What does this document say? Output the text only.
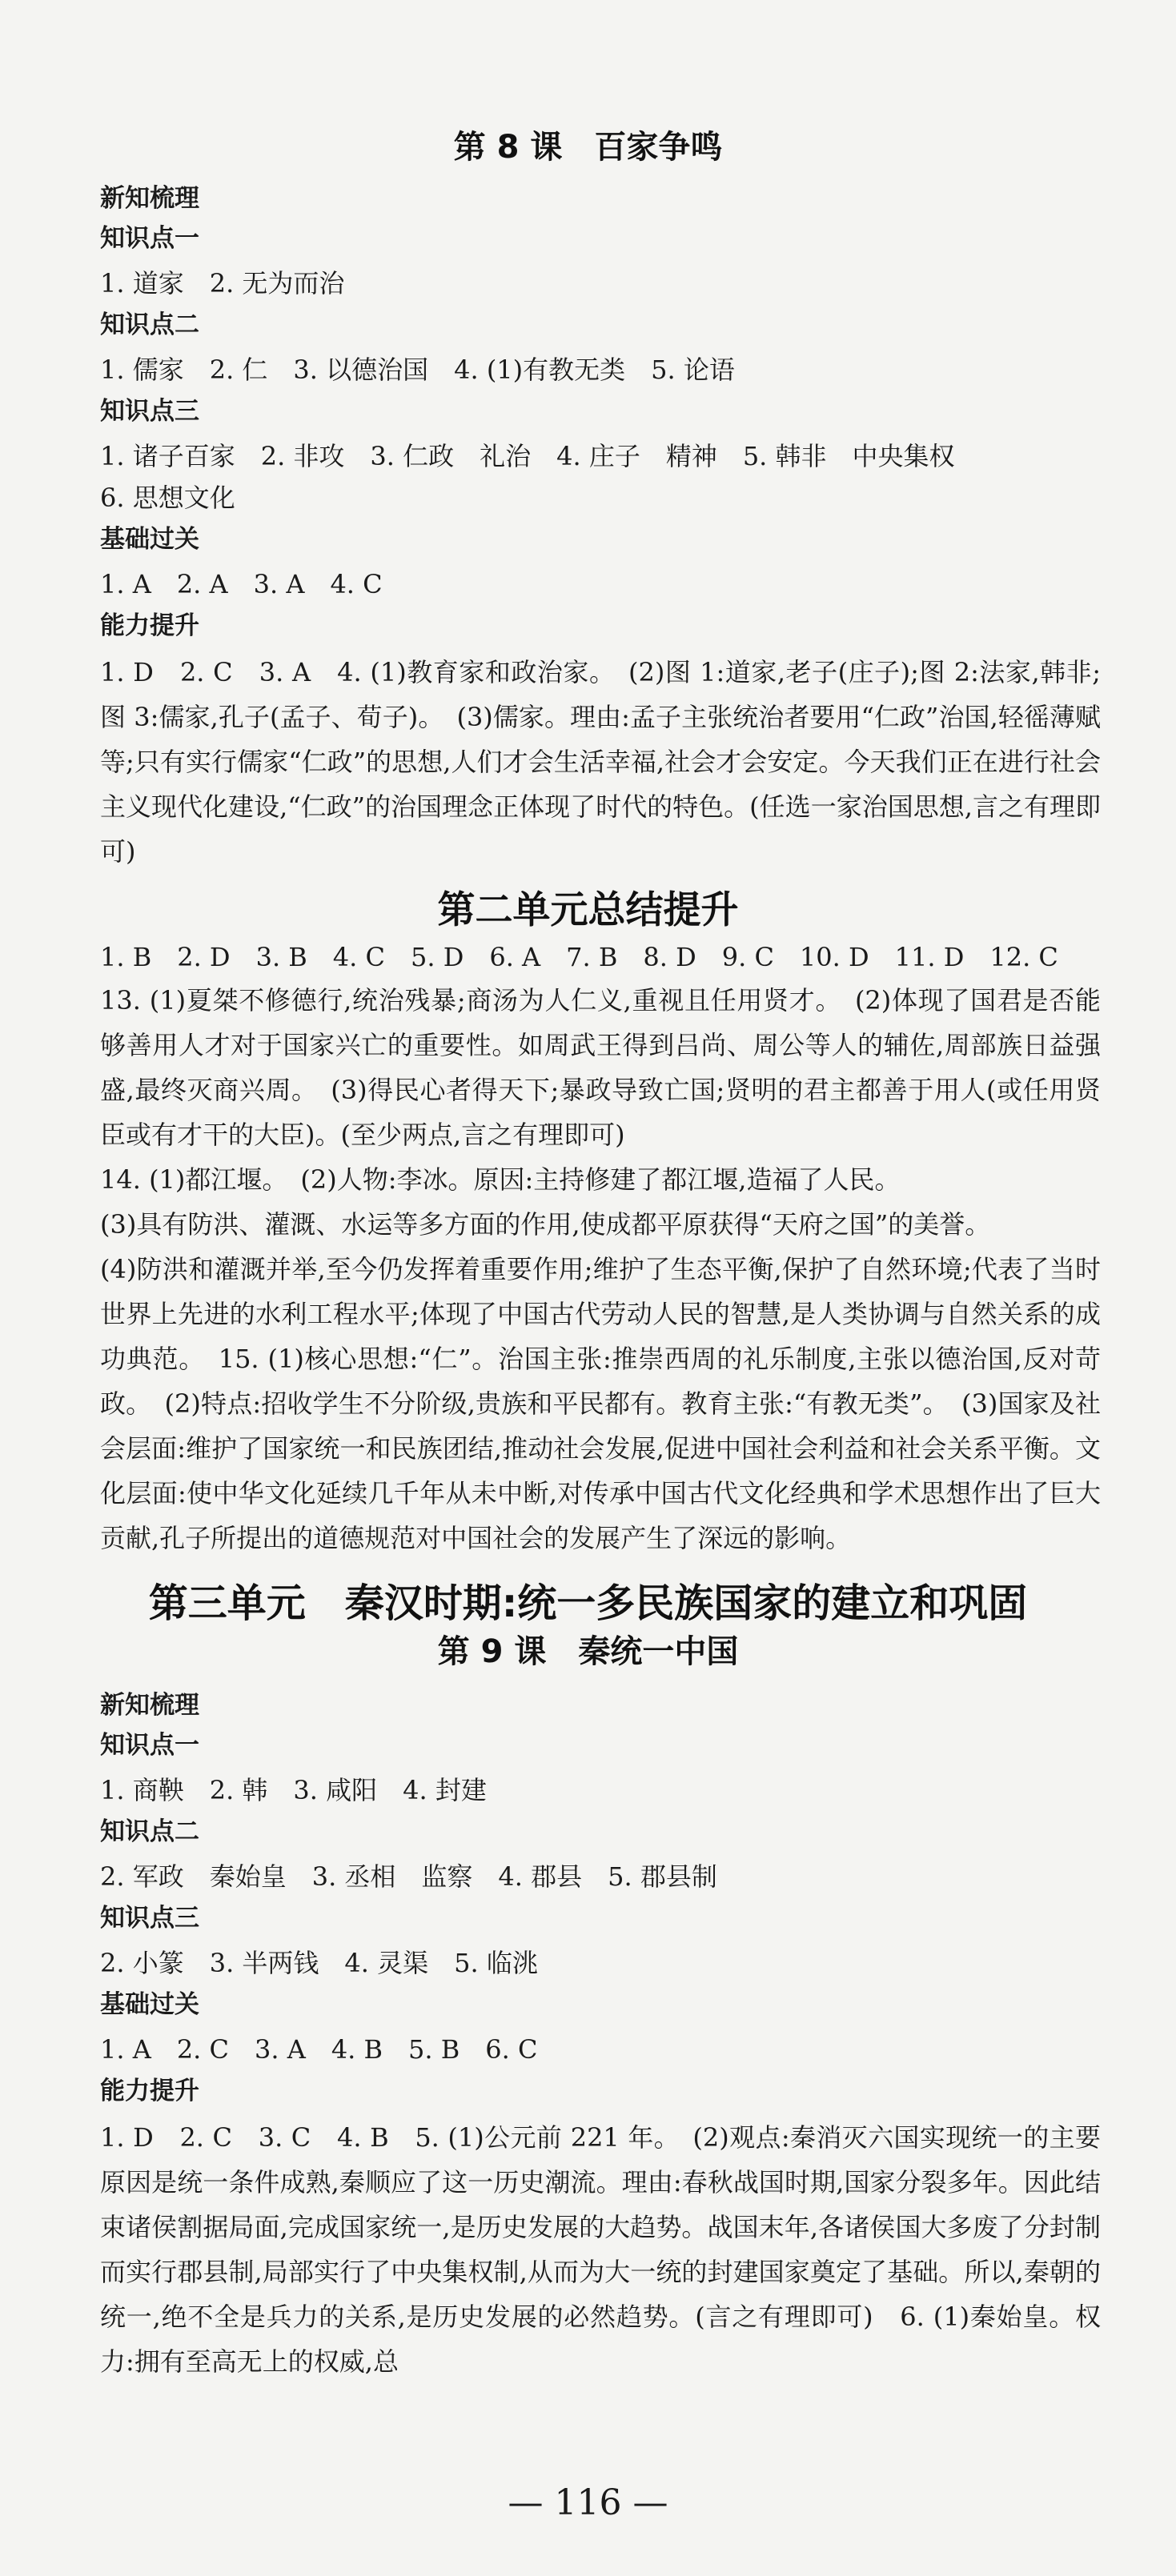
第 8 课　百家争鸣
新知梳理
知识点一
1. 道家　2. 无为而治
知识点二
1. 儒家　2. 仁　3. 以德治国　4. (1)有教无类　5. 论语
知识点三
1. 诸子百家　2. 非攻　3. 仁政　礼治　4. 庄子　精神　5. 韩非　中央集权
6. 思想文化
基础过关
1. A　2. A　3. A　4. C
能力提升
1. D　2. C　3. A　4. (1)教育家和政治家。　(2)图 1:道家,老子(庄子);图 2:法家,韩非;图 3:儒家,孔子(孟子、荀子)。　(3)儒家。理由:孟子主张统治者要用“仁政”治国,轻徭薄赋等;只有实行儒家“仁政”的思想,人们才会生活幸福,社会才会安定。今天我们正在进行社会主义现代化建设,“仁政”的治国理念正体现了时代的特色。(任选一家治国思想,言之有理即可)
第二单元总结提升
1. B　2. D　3. B　4. C　5. D　6. A　7. B　8. D　9. C　10. D　11. D　12. C
13. (1)夏桀不修德行,统治残暴;商汤为人仁义,重视且任用贤才。　(2)体现了国君是否能够善用人才对于国家兴亡的重要性。如周武王得到吕尚、周公等人的辅佐,周部族日益强盛,最终灭商兴周。　(3)得民心者得天下;暴政导致亡国;贤明的君主都善于用人(或任用贤臣或有才干的大臣)。(至少两点,言之有理即可)
14. (1)都江堰。　(2)人物:李冰。原因:主持修建了都江堰,造福了人民。
(3)具有防洪、灌溉、水运等多方面的作用,使成都平原获得“天府之国”的美誉。
(4)防洪和灌溉并举,至今仍发挥着重要作用;维护了生态平衡,保护了自然环境;代表了当时世界上先进的水利工程水平;体现了中国古代劳动人民的智慧,是人类协调与自然关系的成功典范。　15. (1)核心思想:“仁”。治国主张:推崇西周的礼乐制度,主张以德治国,反对苛政。　(2)特点:招收学生不分阶级,贵族和平民都有。教育主张:“有教无类”。　(3)国家及社会层面:维护了国家统一和民族团结,推动社会发展,促进中国社会利益和社会关系平衡。文化层面:使中华文化延续几千年从未中断,对传承中国古代文化经典和学术思想作出了巨大贡献,孔子所提出的道德规范对中国社会的发展产生了深远的影响。
第三单元　秦汉时期:统一多民族国家的建立和巩固
第 9 课　秦统一中国
新知梳理
知识点一
1. 商鞅　2. 韩　3. 咸阳　4. 封建
知识点二
2. 军政　秦始皇　3. 丞相　监察　4. 郡县　5. 郡县制
知识点三
2. 小篆　3. 半两钱　4. 灵渠　5. 临洮
基础过关
1. A　2. C　3. A　4. B　5. B　6. C
能力提升
1. D　2. C　3. C　4. B　5. (1)公元前 221 年。　(2)观点:秦消灭六国实现统一的主要原因是统一条件成熟,秦顺应了这一历史潮流。理由:春秋战国时期,国家分裂多年。因此结束诸侯割据局面,完成国家统一,是历史发展的大趋势。战国末年,各诸侯国大多废了分封制而实行郡县制,局部实行了中央集权制,从而为大一统的封建国家奠定了基础。所以,秦朝的统一,绝不全是兵力的关系,是历史发展的必然趋势。(言之有理即可)　6. (1)秦始皇。权力:拥有至高无上的权威,总
— 116 —
